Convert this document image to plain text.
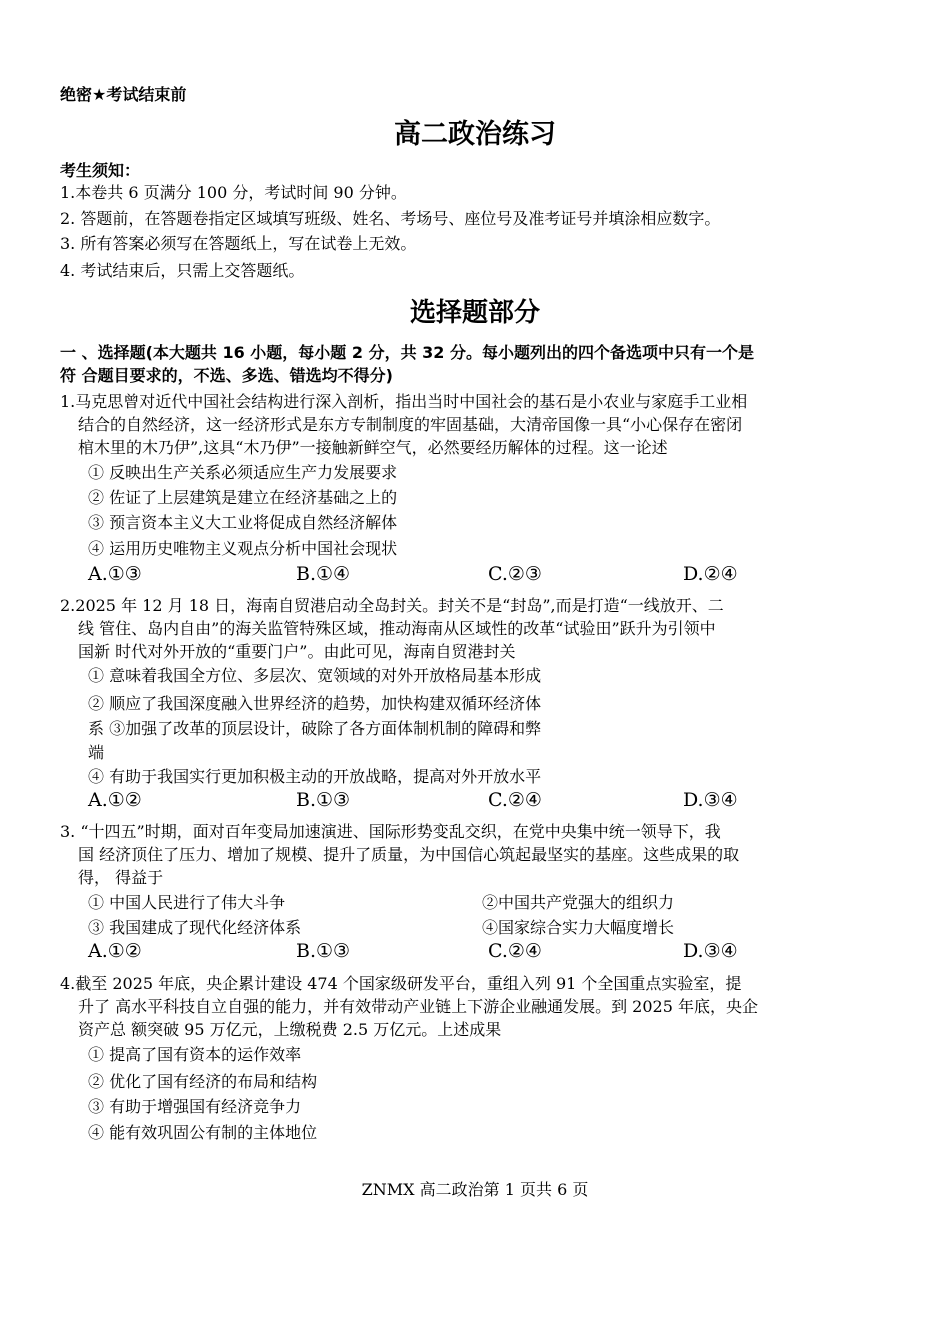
绝密★考试结束前
高二政治练习
考生须知：
1.本卷共 6 页满分 100 分，考试时间 90 分钟。
2. 答题前，在答题卷指定区域填写班级、姓名、考场号、座位号及准考证号并填涂相应数字。
3. 所有答案必须写在答题纸上，写在试卷上无效。
4. 考试结束后，只需上交答题纸。
选择题部分
一 、选择题(本大题共 16 小题，每小题 2 分，共 32 分。每小题列出的四个备选项中只有一个是
符 合题目要求的，不选、多选、错选均不得分)
1.马克思曾对近代中国社会结构进行深入剖析，指出当时中国社会的基石是小农业与家庭手工业相
结合的自然经济，这一经济形式是东方专制制度的牢固基础，大清帝国像一具“小心保存在密闭
棺木里的木乃伊”,这具“木乃伊”一接触新鲜空气，必然要经历解体的过程。这一论述
① 反映出生产关系必须适应生产力发展要求
② 佐证了上层建筑是建立在经济基础之上的
③ 预言资本主义大工业将促成自然经济解体
④ 运用历史唯物主义观点分析中国社会现状
A.①③	B.①④	C.②③	D.②④
2.2025 年 12 月 18 日，海南自贸港启动全岛封关。封关不是“封岛”,而是打造“一线放开、二
线 管住、岛内自由”的海关监管特殊区域，推动海南从区域性的改革“试验田”跃升为引领中
国新 时代对外开放的“重要门户”。由此可见，海南自贸港封关
① 意味着我国全方位、多层次、宽领域的对外开放格局基本形成
② 顺应了我国深度融入世界经济的趋势，加快构建双循环经济体
系 ③加强了改革的顶层设计，破除了各方面体制机制的障碍和弊
端
④ 有助于我国实行更加积极主动的开放战略，提高对外开放水平
A.①②	B.①③	C.②④	D.③④
3. “十四五”时期，面对百年变局加速演进、国际形势变乱交织，在党中央集中统一领导下，我
国 经济顶住了压力、增加了规模、提升了质量，为中国信心筑起最坚实的基座。这些成果的取
得， 得益于
① 中国人民进行了伟大斗争	②中国共产党强大的组织力
③ 我国建成了现代化经济体系	④国家综合实力大幅度增长
A.①②	B.①③	C.②④	D.③④
4.截至 2025 年底，央企累计建设 474 个国家级研发平台，重组入列 91 个全国重点实验室，提
升了 高水平科技自立自强的能力，并有效带动产业链上下游企业融通发展。到 2025 年底，央企
资产总 额突破 95 万亿元，上缴税费 2.5 万亿元。上述成果
① 提高了国有资本的运作效率
② 优化了国有经济的布局和结构
③ 有助于增强国有经济竞争力
④ 能有效巩固公有制的主体地位
ZNMX 高二政治第 1 页共 6 页
